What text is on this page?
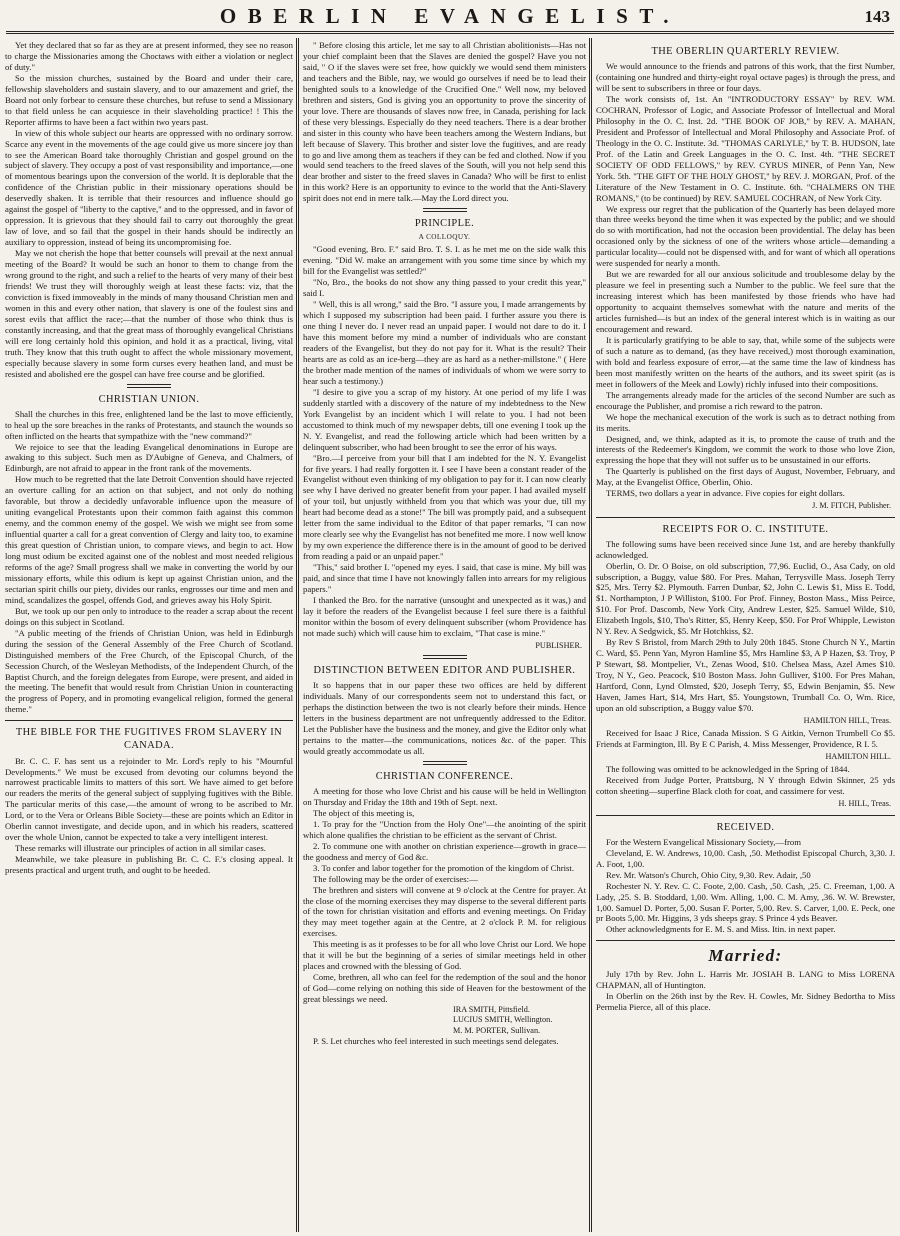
OBERLIN EVANGELIST.	143

Yet they declared that so far as they are at present informed, they see no reason to charge the Missionaries among the Choctaws with either a violation or neglect of duty."

So the mission churches, sustained by the Board and under their care, fellowship slaveholders and sustain slavery, and to our amazement and grief, the Board not only forbear to censure these churches, but refuse to send a Missionary to that field unless he can acquiesce in their slaveholding practice! ! This the Reporter affirms to have been a fact within two years past.

In view of this whole subject our hearts are oppressed with no ordinary sorrow. Scarce any event in the movements of the age could give us more sincere joy than to see the American Board take thoroughly Christian and gospel ground on the subject of slavery. They occupy a post of vast responsibility and importance,—one of momentous bearings upon the conversion of the world. It is deplorable that the confidence of the Christian public in their missionary operations should be deservedly shaken. It is terrible that their resources and influence should go against the gospel of "liberty to the captive," and to the oppressed, and in favor of oppression. It is grievous that they should fail to carry out thoroughly the great law of love, and so fail that the gospel in their hands should be indirectly an auxiliary to oppression, instead of being its uncompromising foe.

May we not cherish the hope that better counsels will prevail at the next annual meeting of the Board? It would be such an honor to them to change from the wrong ground to the right, and such a relief to the hearts of very many of their best friends! We trust they will thoroughly weigh at least these facts: viz, that the conviction is fixed immoveably in the minds of many thousand Christian men and women in this and every other nation, that slavery is one of the foulest sins and sorest evils that afflict the race;—that the number of those who think thus is constantly increasing, and that the great mass of thoroughly evangelical Christians will ere long certainly hold this opinion, and hold it as a practical, living, vital truth. They know that this truth ought to affect the whole missionary movement, especially because slavery in some form curses every heathen land, and must be resisted and abolished ere the gospel can have free course and be glorified.

CHRISTIAN UNION.

Shall the churches in this free, enlightened land be the last to move efficiently, to heal up the sore breaches in the ranks of Protestants, and staunch the wounds so often inflicted on the hearts that sympathize with the "new command?"

We rejoice to see that the leading Evangelical denominations in Europe are awaking to this subject. Such men as D'Aubigne of Geneva, and Chalmers, of Edinburgh, are not afraid to appear in the front rank of the movements.

How much to be regretted that the late Detroit Convention should have rejected an overture calling for an action on that subject, and not only do nothing favorable, but throw a decidedly unfavorable influence upon the measure of uniting evangelical Protestants upon their common faith against this common enemy, and the common enemy of the gospel. We wish we might see from some influential quarter a call for a great convention of Clergy and laity too, to examine this great question of Christian union, to compare views, and begin to act. How long must odium be excited against one of the noblest and most needed religious reforms of the age? Small progress shall we make in converting the world by our missionary efforts, while this odium is kept up against Christian union, and the sectarian spirit chills our piety, divides our ranks, engrosses our time and men and mind, scandalizes the gospel, offends God, and grieves away his Holy Spirit.

But, we took up our pen only to introduce to the reader a scrap about the recent doings on this subject in Scotland.

"A public meeting of the friends of Christian Union, was held in Edinburgh during the session of the General Assembly of the Free Church of Scotland. Distinguished members of the Free Church, of the Episcopal Church, of the Secession Church, of the Wesleyan Methodists, of the Independent Church, of the Baptist Church, and the foreign delegates from Europe, were present, and aided in the meeting. The benefit that would result from Christian Union in counteracting the progress of Popery, and in promoting evangelical religion, formed the general theme."

THE BIBLE FOR THE FUGITIVES FROM SLAVERY IN CANADA.

Br. C. C. F. has sent us a rejoinder to Mr. Lord's reply to his "Mournful Developments." We must be excused from devoting our columns beyond the narrowest practicable limits to matters of this sort. We have aimed to get before our readers the merits of the general subject of supplying fugitives with the Bible. The particular merits of this case,—the amount of wrong to be ascribed to Mr. Lord, or to the Vera or Orleans Bible Society—these are points which an Editor in Oberlin cannot investigate, and decide upon, and in which his readers, scattered over the whole Union, cannot be expected to take a very intelligent interest.

These remarks will illustrate our principles of action in all similar cases.

Meanwhile, we take pleasure in publishing Br. C. C. F.'s closing appeal. It presents practical and urgent truth, and ought to be heeded.

" Before closing this article, let me say to all Christian abolitionists—Has not your chief complaint been that the Slaves are denied the gospel? Have you not said, " O if the slaves were set free, how quickly we would send them ministers and teachers and the Bible, nay, we would go ourselves if need be to lead their benighted souls to a knowledge of the Crucified One." Well now, my beloved brethren and sisters, God is giving you an opportunity to prove the sincerity of your love. There are thousands of slaves now free, in Canada, perishing for lack of these very blessings. Especially do they need teachers. There is a dear brother and sister in this county who have been teachers among the Western Indians, but left because of Slavery. This brother and sister love the fugitives, and are ready to go and live among them as teachers if they can be fed and clothed. Now if you would send teachers to the freed slaves of the South, will you not help send this dear brother and sister to the freed slaves in Canada? Who will be first to enlist in this work? Here is an opportunity to evince to the world that the Anti-Slavery spirit does not end in mere talk.—May the Lord direct you.

PRINCIPLE.

A COLLOQUY.

"Good evening, Bro. F." said Bro. T. S. I. as he met me on the side walk this evening. "Did W. make an arrangement with you some time since by which my bill for the Evangelist was settled?"

"No, Bro., the books do not show any thing passed to your credit this year," said I.

" Well, this is all wrong," said the Bro. "I assure you, I made arrangements by which I supposed my subscription had been paid. I further assure you there is one thing I never do. I never read an unpaid paper. I would not dare to do it. I have this moment before my mind a number of individuals who are constant readers of the Evangelist, but they do not pay for it. What is the result? Their hearts are as cold as an ice-berg—they are as hard as a nether-millstone." ( Here the brother made mention of the names of individuals of whom we were sorry to hear such a testimony.)

"I desire to give you a scrap of my history. At one period of my life I was suddenly startled with a discovery of the nature of my indebtedness to the New York Evangelist by an incident which I will relate to you. I had not been accustomed to think much of my newspaper debts, till one evening I took up the N. Y. Evangelist, and read the following article which had been written by a delinquent subscriber, who had been brought to see the error of his ways.

"Bro.—I perceive from your bill that I am indebted for the N. Y. Evangelist for five years. I had really forgotten it. I see I have been a constant reader of the Evangelist without even thinking of my obligation to pay for it. I can now clearly see why I have derived no greater benefit from your paper. I had availed myself of your toil, but unjustly withheld from you that which was your due, till my heart had become dead as a stone!" The bill was promptly paid, and a subsequent letter from the same individual to the Editor of that paper remarks, "I can now more clearly see why the Evangelist has not benefited me more. I now well know by my own experience the difference there is in the amount of good to be derived from reading a paid or an unpaid paper."

"This," said brother I. "opened my eyes. I said, that case is mine. My bill was paid, and since that time I have not knowingly fallen into arrears for my religious papers."

I thanked the Bro. for the narrative (unsought and unexpected as it was,) and lay it before the readers of the Evangelist because I feel sure there is a faithful monitor within the bosom of every delinquent subscriber (whom Providence has not made such) which will cause him to exclaim, "That case is mine."

PUBLISHER.

DISTINCTION BETWEEN EDITOR AND PUBLISHER.

It so happens that in our paper these two offices are held by different individuals. Many of our correspondents seem not to understand this fact, or perhaps the distinction between the two is not clearly before their minds. Hence letters in the business department are not unfrequently addressed to the Editor. Let the Publisher have the business and the money, and give the Editor only what pertains to the matter—the communications, notices &c. of the paper. This would greatly accommodate us all.

CHRISTIAN CONFERENCE.

A meeting for those who love Christ and his cause will be held in Wellington on Thursday and Friday the 18th and 19th of Sept. next.

The object of this meeting is,

1. To pray for the "Unction from the Holy One"—the anointing of the spirit which alone qualifies the christian to be efficient as the servant of Christ.

2. To commune one with another on christian experience—growth in grace—the goodness and mercy of God &c.

3. To confer and labor together for the promotion of the kingdom of Christ.

The following may be the order of exercises:—

The brethren and sisters will convene at 9 o'clock at the Centre for prayer. At the close of the morning exercises they may disperse to the several different parts of the town for christian visitation and efforts and evening meetings. On Friday they may meet together again at the Centre, at 2 o'clock P. M. for religious exercises.

This meeting is as it professes to be for all who love Christ our Lord. We hope that it will be but the beginning of a series of similar meetings held in other places and crowned with the blessing of God.

Come, brethren, all who can feel for the redemption of the soul and the honor of God—come relying on nothing this side of Heaven for the bestowment of the great blessings we need.

IRA SMITH, Pittsfield.

LUCIUS SMITH, Wellington.

M. M. PORTER, Sullivan.

P. S. Let churches who feel interested in such meetings send delegates.

THE OBERLIN QUARTERLY REVIEW.

We would announce to the friends and patrons of this work, that the first Number, (containing one hundred and thirty-eight royal octave pages) is through the press, and will be sent to subscribers in three or four days.

The work consists of, 1st. An "INTRODUCTORY ESSAY" by REV. WM. COCHRAN, Professor of Logic, and Associate Professor of Intellectual and Moral Philosophy in the O. C. Inst. 2d. "THE BOOK OF JOB," by REV. A. MAHAN, President and Professor of Intellectual and Moral Philosophy and Associate Prof. of Theology in the O. C. Institute. 3d. "THOMAS CARLYLE," by T. B. HUDSON, late Prof. of the Latin and Greek Languages in the O. C. Inst. 4th. "THE SECRET SOCIETY OF ODD FELLOWS," by REV. CYRUS MINER, of Penn Yan, New York. 5th. "THE GIFT OF THE HOLY GHOST," by REV. J. MORGAN, Prof. of the Literature of the New Testament in O. C. Institute. 6th. "CHALMERS ON THE ROMANS," (to be continued) by REV. SAMUEL COCHRAN, of New York City.

We express our regret that the publication of the Quarterly has been delayed more than three weeks beyond the time when it was expected by the public; and we should do so with mortification, had not the occasion been providential. The delay has been occasioned only by the sickness of one of the writers whose article—demanding a particular locality—could not be dispensed with, and for want of which all operations were suspended for nearly a month.

But we are rewarded for all our anxious solicitude and troublesome delay by the pleasure we feel in presenting such a Number to the public. We feel sure that the increasing interest which has been manifested by those friends who have had opportunity to acquaint themselves somewhat with the nature and merits of the articles furnished—is but an index of the general interest which is in waiting as our encouragement and reward.

It is particularly gratifying to be able to say, that, while some of the subjects were of such a nature as to demand, (as they have received,) most thorough examination, with bold and fearless exposure of error,—at the same time the law of kindness has been most manifestly written on the hearts of the authors, and its sweet spirit (as is meet in followers of the Meek and Lowly) richly infused into their compositions.

The arrangements already made for the articles of the second Number are such as encourage the Publisher, and promise a rich reward to the patron.

We hope the mechanical execution of the work is such as to detract nothing from its merits.

Designed, and, we think, adapted as it is, to promote the cause of truth and the interests of the Redeemer's Kingdom, we commit the work to those who love Zion, expressing the hope that they will not suffer us to be unsustained in our efforts.

The Quarterly is published on the first days of August, November, February, and May, at the Evangelist Office, Oberlin, Ohio.

TERMS, two dollars a year in advance. Five copies for eight dollars.

J. M. FITCH, Publisher.

RECEIPTS FOR O. C. INSTITUTE.

The following sums have been received since June 1st, and are hereby thankfully acknowledged.

Oberlin, O. Dr. O Boise, on old subscription, 77,96. Euclid, O., Asa Cady, on old subscription, a Buggy, value $80. For Pres. Mahan, Terrysville Mass. Joseph Terry $25, Mrs. Terry $2. Plymouth. Farren Dunbar, $2, John C. Lewis $1, Miss E. Todd, $1. Northampton, J P Williston, $100. For Prof. Finney, Boston Mass., Miss Peirce, $10. For Prof. Dascomb, New York City, Andrew Lester, $25. Samuel Wilde, $10, Elizabeth Ingols, $10, Tho's Ritter, $5, Henry Keep, $50. For Prof Whipple, Lewiston N Y. Rev. A Sedgwick, $5. Mr Hotchkiss, $2.

By Rev S Bristol, from March 29th to July 20th 1845. Stone Church N Y., Martin C. Ward, $5. Penn Yan, Myron Hamline $5, Mrs Hamline $3, A P Hazen, $3. Troy, P P Stewart, $8. Montpelier, Vt., Zenas Wood, $10. Chelsea Mass, Azel Ames $10. Troy, N Y., Geo. Peacock, $10 Boston Mass. John Gulliver, $100. For Pres Mahan, Hartford, Conn, Lynd Olmsted, $20, Joseph Terry, $5, Edwin Benjamin, $5. New Haven, James Hart, $14, Mrs Hart, $5. Youngstown, Trumball Co. O, Wm. Rice, upon an old subscription, a Buggy value $70.

HAMILTON HILL, Treas.

Received for Isaac J Rice, Canada Mission. S G Aitkin, Vernon Trumbell Co $5. Friends at Farmington, Ill. By E C Parish, 4. Miss Messenger, Providence, R I. 5.

HAMILTON HILL.

The following was omitted to be acknowledged in the Spring of 1844.

Received from Judge Porter, Prattsburg, N Y through Edwin Skinner, 25 yds cotton sheeting—superfine Black cloth for coat, and cassimere for vest.

H. HILL, Treas.

RECEIVED.

For the Western Evangelical Missionary Society,—from

Cleveland, E. W. Andrews, 10,00. Cash, ,50. Methodist Episcopal Church, 3,30. J. A. Foot, 1,00.

Rev. Mr. Watson's Church, Ohio City, 9,30. Rev. Adair, ,50

Rochester N. Y. Rev. C. C. Foote, 2,00. Cash, ,50. Cash, ,25. C. Freeman, 1,00. A Lady, ,25. S. B. Stoddard, 1,00. Wm. Alling, 1,00. C. M. Amy, ,36. W. W. Brewster, 1,00. Samuel D. Porter, 5,00. Susan F. Porter, 5,00. Rev. S. Carver, 1,00. E. Peck, one pr Boots 5,00. Mr. Higgins, 3 yds sheeps gray. S Prince 4 yds Beaver.

Other acknowledgments for E. M. S. and Miss. Itin. in next paper.

Married:

July 17th by Rev. John L. Harris Mr. JOSIAH B. LANG to Miss LORENA CHAPMAN, all of Huntington.

In Oberlin on the 26th inst by the Rev. H. Cowles, Mr. Sidney Bedortha to Miss Permelia Pierce, all of this place.
